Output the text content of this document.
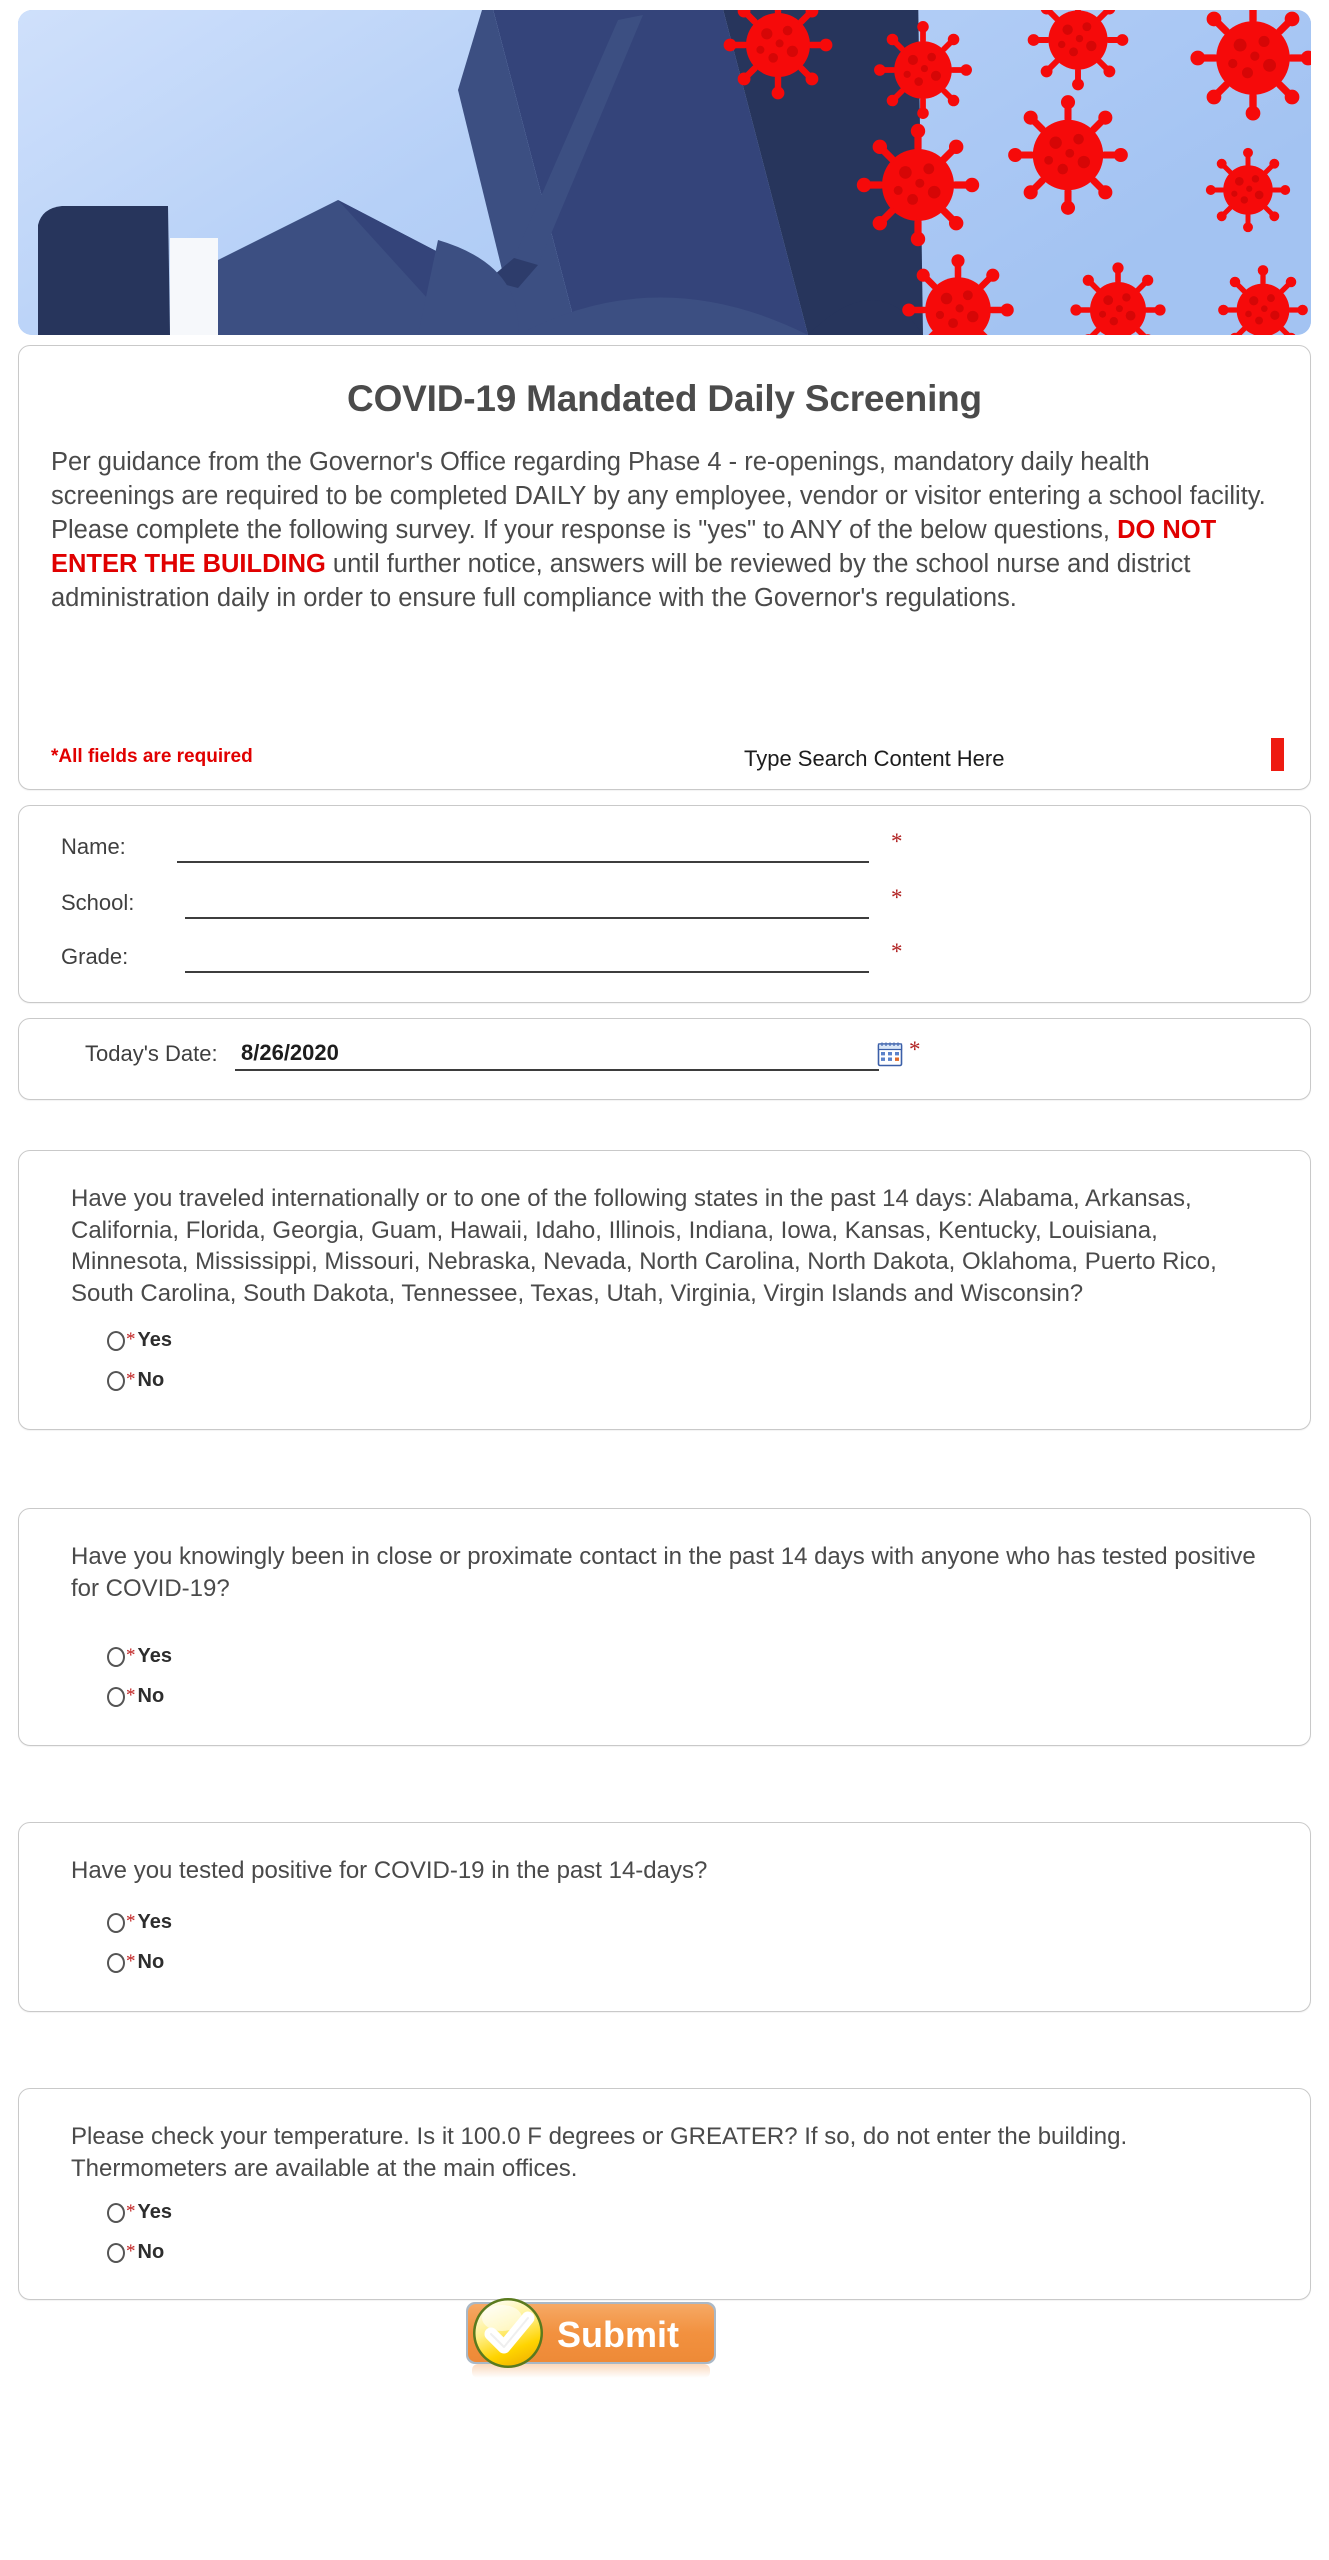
COVID-19 Mandated Daily Screening

Per guidance from the Governor's Office regarding Phase 4 - re-openings, mandatory daily health screenings are required to be completed DAILY by any employee, vendor or visitor entering a school facility. Please complete the following survey. If your response is "yes" to ANY of the below questions, DO NOT ENTER THE BUILDING until further notice, answers will be reviewed by the school nurse and district administration daily in order to ensure full compliance with the Governor's regulations.

*All fields are required	Type Search Content Here
Name:	*
School:	*
Grade:	*
Today's Date: 8/26/2020	*
Have you traveled internationally or to one of the following states in the past 14 days: Alabama, Arkansas, California, Florida, Georgia, Guam, Hawaii, Idaho, Illinois, Indiana, Iowa, Kansas, Kentucky, Louisiana, Minnesota, Mississippi, Missouri, Nebraska, Nevada, North Carolina, North Dakota, Oklahoma, Puerto Rico, South Carolina, South Dakota, Tennessee, Texas, Utah, Virginia, Virgin Islands and Wisconsin?
* Yes
* No
Have you knowingly been in close or proximate contact in the past 14 days with anyone who has tested positive for COVID-19?
* Yes
* No
Have you tested positive for COVID-19 in the past 14-days?
* Yes
* No
Please check your temperature. Is it 100.0 F degrees or GREATER? If so, do not enter the building. Thermometers are available at the main offices.
* Yes
* No
Submit
